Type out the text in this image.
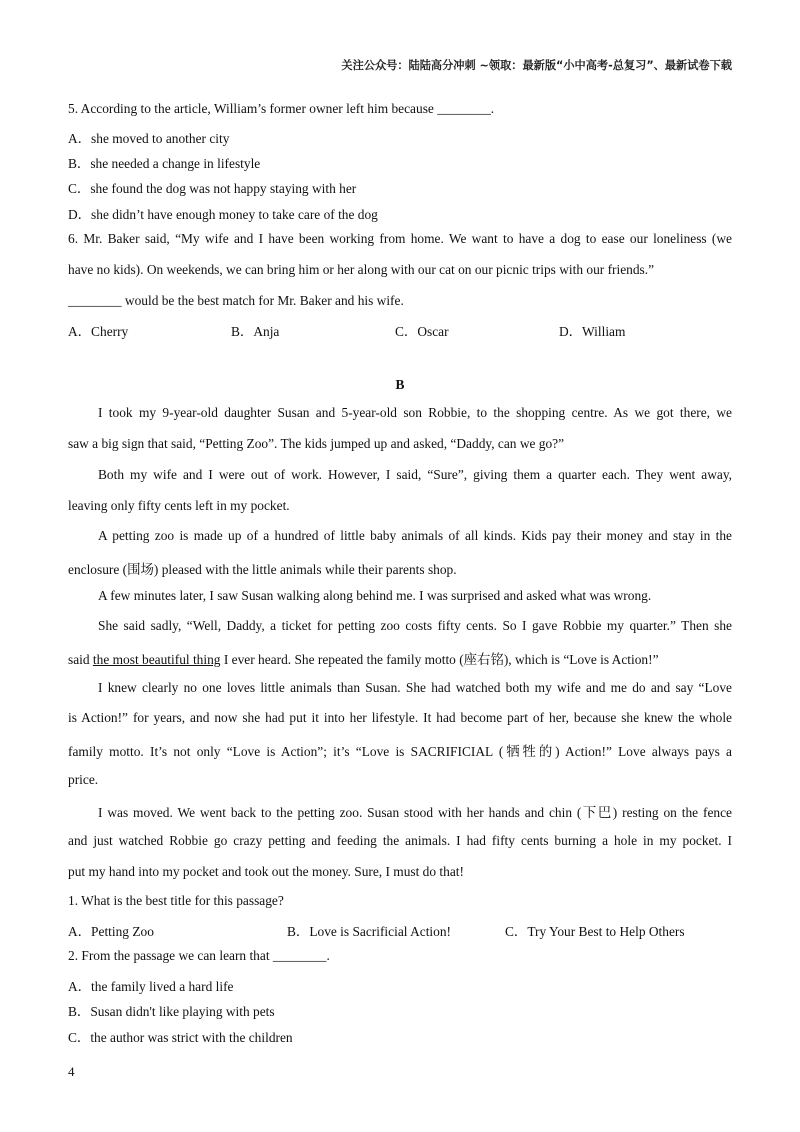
关注公众号：陆陆高分冲刺 ~领取：最新版“小中高考-总复习”、最新试卷下载
5. According to the article, William’s former owner left him because ________.
A．she moved to another city
B．she needed a change in lifestyle
C．she found the dog was not happy staying with her
D．she didn’t have enough money to take care of the dog
6. Mr. Baker said, “My wife and I have been working from home. We want to have a dog to ease our loneliness (we
have no kids). On weekends, we can bring him or her along with our cat on our picnic trips with our friends.”
________ would be the best match for Mr. Baker and his wife.
A．Cherry	B．Anja	C．Oscar	D．William
B
I took my 9-year-old daughter Susan and 5-year-old son Robbie, to the shopping centre. As we got there, we
saw a big sign that said, “Petting Zoo”. The kids jumped up and asked, “Daddy, can we go?”
Both my wife and I were out of work. However, I said, “Sure”, giving them a quarter each. They went away,
leaving only fifty cents left in my pocket.
A petting zoo is made up of a hundred of little baby animals of all kinds. Kids pay their money and stay in the
enclosure (围场) pleased with the little animals while their parents shop.
A few minutes later, I saw Susan walking along behind me. I was surprised and asked what was wrong.
She said sadly, “Well, Daddy, a ticket for petting zoo costs fifty cents. So I gave Robbie my quarter.” Then she
said the most beautiful thing I ever heard. She repeated the family motto (座右铭), which is “Love is Action!”
I knew clearly no one loves little animals than Susan. She had watched both my wife and me do and say “Love
is Action!” for years, and now she had put it into her lifestyle. It had become part of her, because she knew the whole
family motto. It’s not only “Love is Action”; it’s “Love is SACRIFICIAL (牺牲的) Action!” Love always pays a
price.
I was moved. We went back to the petting zoo. Susan stood with her hands and chin (下巴) resting on the fence
and just watched Robbie go crazy petting and feeding the animals. I had fifty cents burning a hole in my pocket. I
put my hand into my pocket and took out the money. Sure, I must do that!
1. What is the best title for this passage?
A．Petting Zoo	B．Love is Sacrificial Action!	C．Try Your Best to Help Others
2. From the passage we can learn that ________.
A．the family lived a hard life
B．Susan didn't like playing with pets
C．the author was strict with the children
4
